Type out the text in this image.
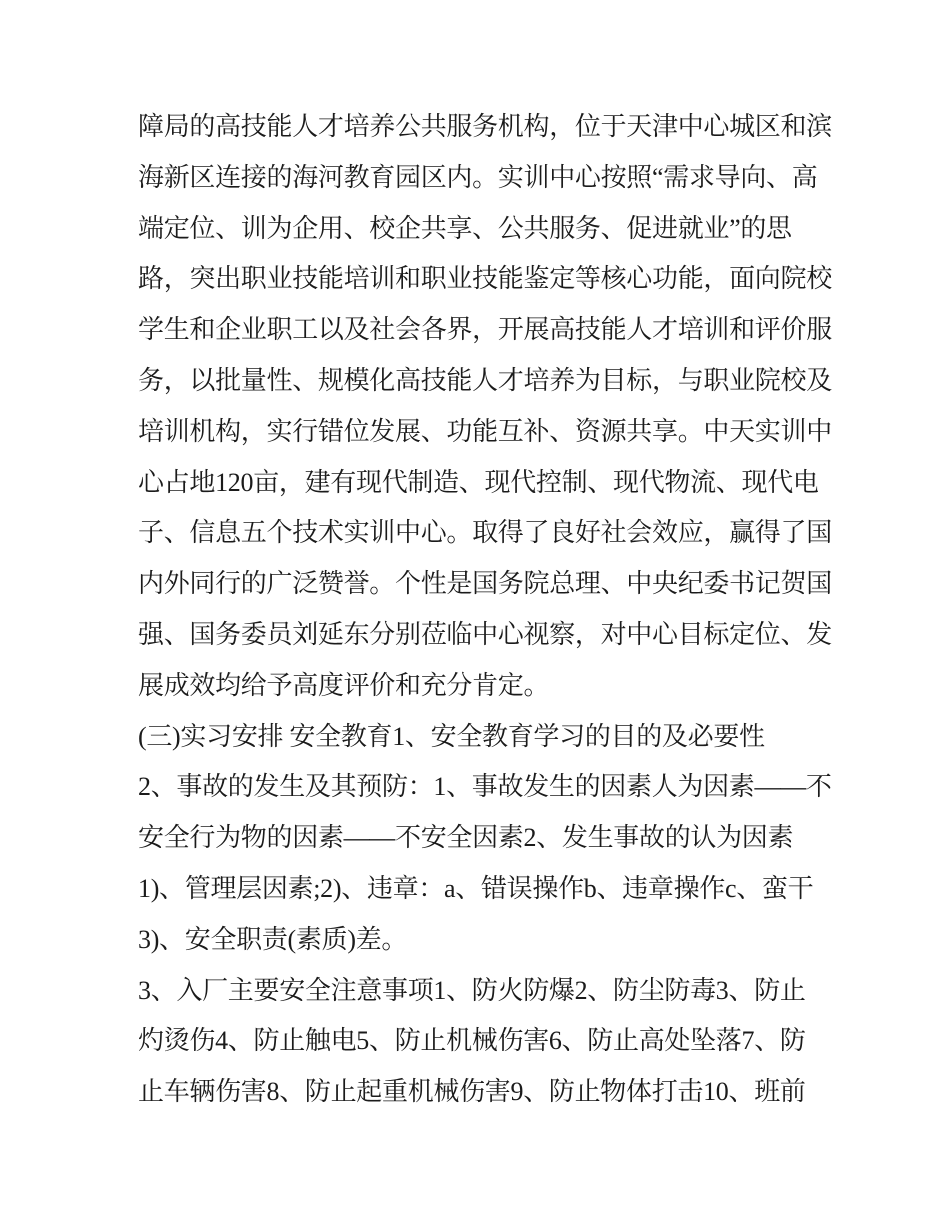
障局的高技能人才培养公共服务机构，位于天津中心城区和滨
海新区连接的海河教育园区内。实训中心按照“需求导向、高
端定位、训为企用、校企共享、公共服务、促进就业”的思
路，突出职业技能培训和职业技能鉴定等核心功能，面向院校
学生和企业职工以及社会各界，开展高技能人才培训和评价服
务，以批量性、规模化高技能人才培养为目标，与职业院校及
培训机构，实行错位发展、功能互补、资源共享。中天实训中
心占地120亩，建有现代制造、现代控制、现代物流、现代电
子、信息五个技术实训中心。取得了良好社会效应，赢得了国
内外同行的广泛赞誉。个性是国务院总理、中央纪委书记贺国
强、国务委员刘延东分别莅临中心视察，对中心目标定位、发
展成效均给予高度评价和充分肯定。
(三)实习安排 安全教育1、安全教育学习的目的及必要性
2、事故的发生及其预防：1、事故发生的因素人为因素——不
安全行为物的因素——不安全因素2、发生事故的认为因素
1)、管理层因素;2)、违章：a、错误操作b、违章操作c、蛮干
3)、安全职责(素质)差。
3、入厂主要安全注意事项1、防火防爆2、防尘防毒3、防止
灼烫伤4、防止触电5、防止机械伤害6、防止高处坠落7、防
止车辆伤害8、防止起重机械伤害9、防止物体打击10、班前
